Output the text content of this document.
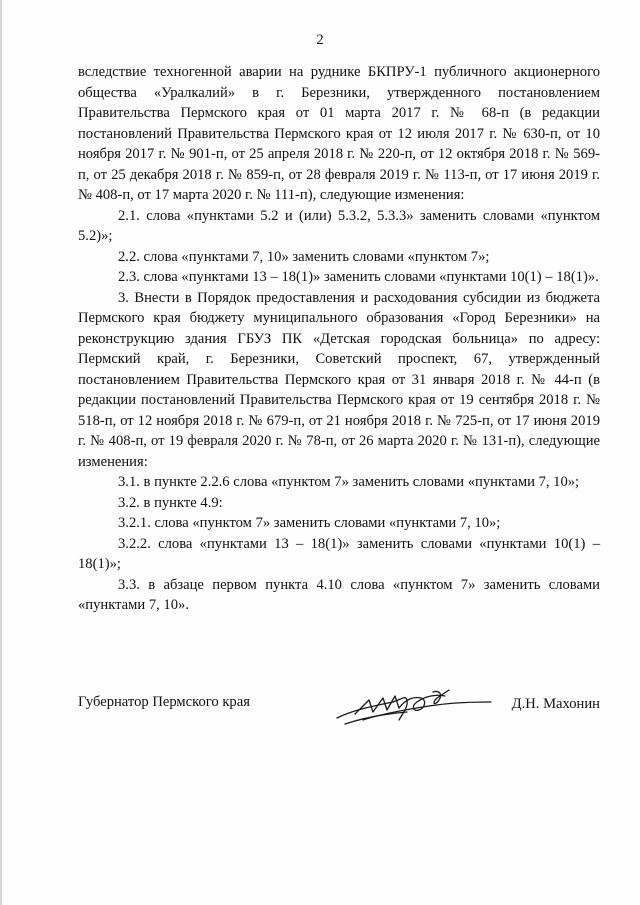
2

вследствие техногенной аварии на руднике БКПРУ-1 публичного акционерного общества «Уралкалий» в г. Березники, утвержденного постановлением Правительства Пермского края от 01 марта 2017 г. № 68-п (в редакции постановлений Правительства Пермского края от 12 июля 2017 г. № 630-п, от 10 ноября 2017 г. № 901-п, от 25 апреля 2018 г. № 220-п, от 12 октября 2018 г. № 569-п, от 25 декабря 2018 г. № 859-п, от 28 февраля 2019 г. № 113-п, от 17 июня 2019 г. № 408-п, от 17 марта 2020 г. № 111-п), следующие изменения:

2.1. слова «пунктами 5.2 и (или) 5.3.2, 5.3.3» заменить словами «пунктом 5.2)»;

2.2. слова «пунктами 7, 10» заменить словами «пунктом 7»;

2.3. слова «пунктами 13 – 18(1)» заменить словами «пунктами 10(1) – 18(1)».

3. Внести в Порядок предоставления и расходования субсидии из бюджета Пермского края бюджету муниципального образования «Город Березники» на реконструкцию здания ГБУЗ ПК «Детская городская больница» по адресу: Пермский край, г. Березники, Советский проспект, 67, утвержденный постановлением Правительства Пермского края от 31 января 2018 г. № 44-п (в редакции постановлений Правительства Пермского края от 19 сентября 2018 г. № 518-п, от 12 ноября 2018 г. № 679-п, от 21 ноября 2018 г. № 725-п, от 17 июня 2019 г. № 408-п, от 19 февраля 2020 г. № 78-п, от 26 марта 2020 г. № 131-п), следующие изменения:

3.1. в пункте 2.2.6 слова «пунктом 7» заменить словами «пунктами 7, 10»;

3.2. в пункте 4.9:

3.2.1. слова «пунктом 7» заменить словами «пунктами 7, 10»;

3.2.2. слова «пунктами 13 – 18(1)» заменить словами «пунктами 10(1) – 18(1)»;

3.3. в абзаце первом пункта 4.10 слова «пунктом 7» заменить словами «пунктами 7, 10».

Губернатор Пермского края	Д.Н. Махонин
